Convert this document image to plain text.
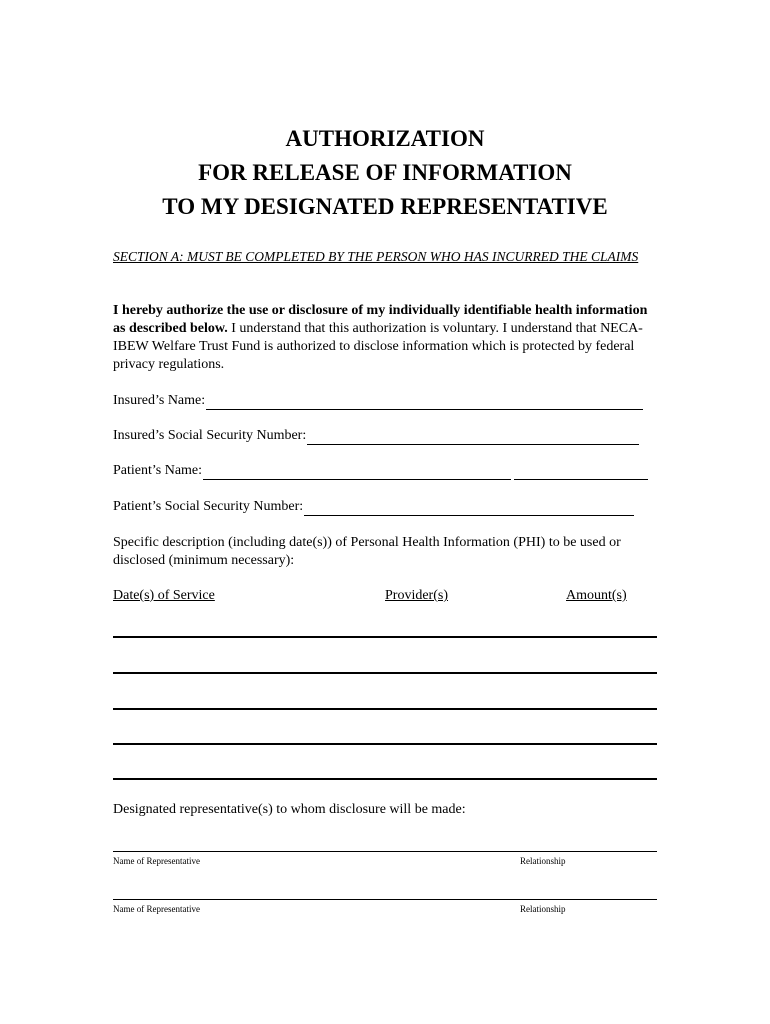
AUTHORIZATION
FOR RELEASE OF INFORMATION
TO MY DESIGNATED REPRESENTATIVE
SECTION A: MUST BE COMPLETED BY THE PERSON WHO HAS INCURRED THE CLAIMS
I hereby authorize the use or disclosure of my individually identifiable health information as described below. I understand that this authorization is voluntary. I understand that NECA-IBEW Welfare Trust Fund is authorized to disclose information which is protected by federal privacy regulations.
Insured’s Name:
Insured’s Social Security Number:
Patient’s Name:
Patient’s Social Security Number:
Specific description (including date(s)) of Personal Health Information (PHI) to be used or disclosed (minimum necessary):
Date(s) of Service	Provider(s)	Amount(s)
Designated representative(s) to whom disclosure will be made:
Name of Representative	Relationship
Name of Representative	Relationship
